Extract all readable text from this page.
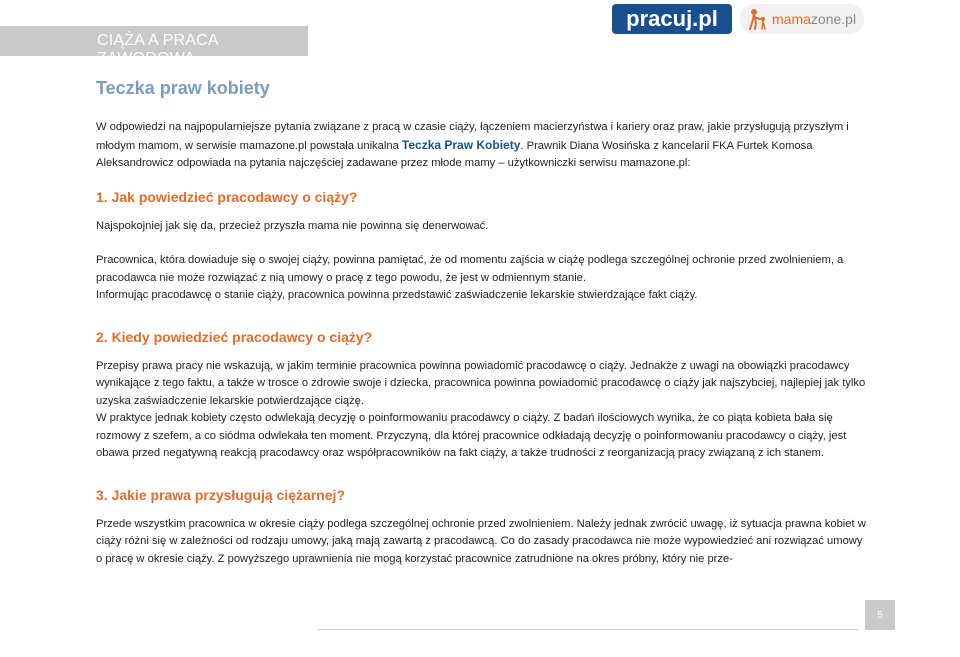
CIĄŻA A PRACA ZAWODOWA
pracuj.pl	mamazone.pl
Teczka praw kobiety

W odpowiedzi na najpopularniejsze pytania związane z pracą w czasie ciąży, łączeniem macierzyństwa i kariery oraz praw, jakie przysługują przyszłym i młodym mamom, w serwisie mamazone.pl powstała unikalna Teczka Praw Kobiety. Prawnik Diana Wosińska z kancelarii FKA Furtek Komosa Aleksandrowicz odpowiada na pytania najczęściej zadawane przez młode mamy – użytkowniczki serwisu mamazone.pl:

1. Jak powiedzieć pracodawcy o ciąży?

Najspokojniej jak się da, przecież przyszła mama nie powinna się denerwować.

Pracownica, która dowiaduje się o swojej ciąży, powinna pamiętać, że od momentu zajścia w ciążę podlega szczególnej ochronie przed zwolnieniem, a pracodawca nie może rozwiązać z nią umowy o pracę z tego powodu, że jest w odmiennym stanie.

Informując pracodawcę o stanie ciąży, pracownica powinna przedstawić zaświadczenie lekarskie stwierdzające fakt ciąży.

2. Kiedy powiedzieć pracodawcy o ciąży?

Przepisy prawa pracy nie wskazują, w jakim terminie pracownica powinna powiadomić pracodawcę o ciąży. Jednakże z uwagi na obowiązki pracodawcy wynikające z tego faktu, a także w trosce o zdrowie swoje i dziecka, pracownica powinna powiadomić pracodawcę o ciąży jak najszybciej, najlepiej jak tylko uzyska zaświadczenie lekarskie potwierdzające ciążę.

W praktyce jednak kobiety często odwlekają decyzję o poinformowaniu pracodawcy o ciąży. Z badań ilościowych wynika, że co piąta kobieta bała się rozmowy z szefem, a co siódma odwlekała ten moment. Przyczyną, dla której pracownice odkładają decyzję o poinformowaniu pracodawcy o ciąży, jest obawa przed negatywną reakcją pracodawcy oraz współpracowników na fakt ciąży, a także trudności z reorganizacją pracy związaną z ich stanem.

3. Jakie prawa przysługują ciężarnej?

Przede wszystkim pracownica w okresie ciąży podlega szczególnej ochronie przed zwolnieniem. Należy jednak zwrócić uwagę, iż sytuacja prawna kobiet w ciąży różni się w zależności od rodzaju umowy, jaką mają zawartą z pracodawcą. Co do zasady pracodawca nie może wypowiedzieć ani rozwiązać umowy o pracę w okresie ciąży. Z powyższego uprawnienia nie mogą korzystać pracownice zatrudnione na okres próbny, który nie prze-

5
